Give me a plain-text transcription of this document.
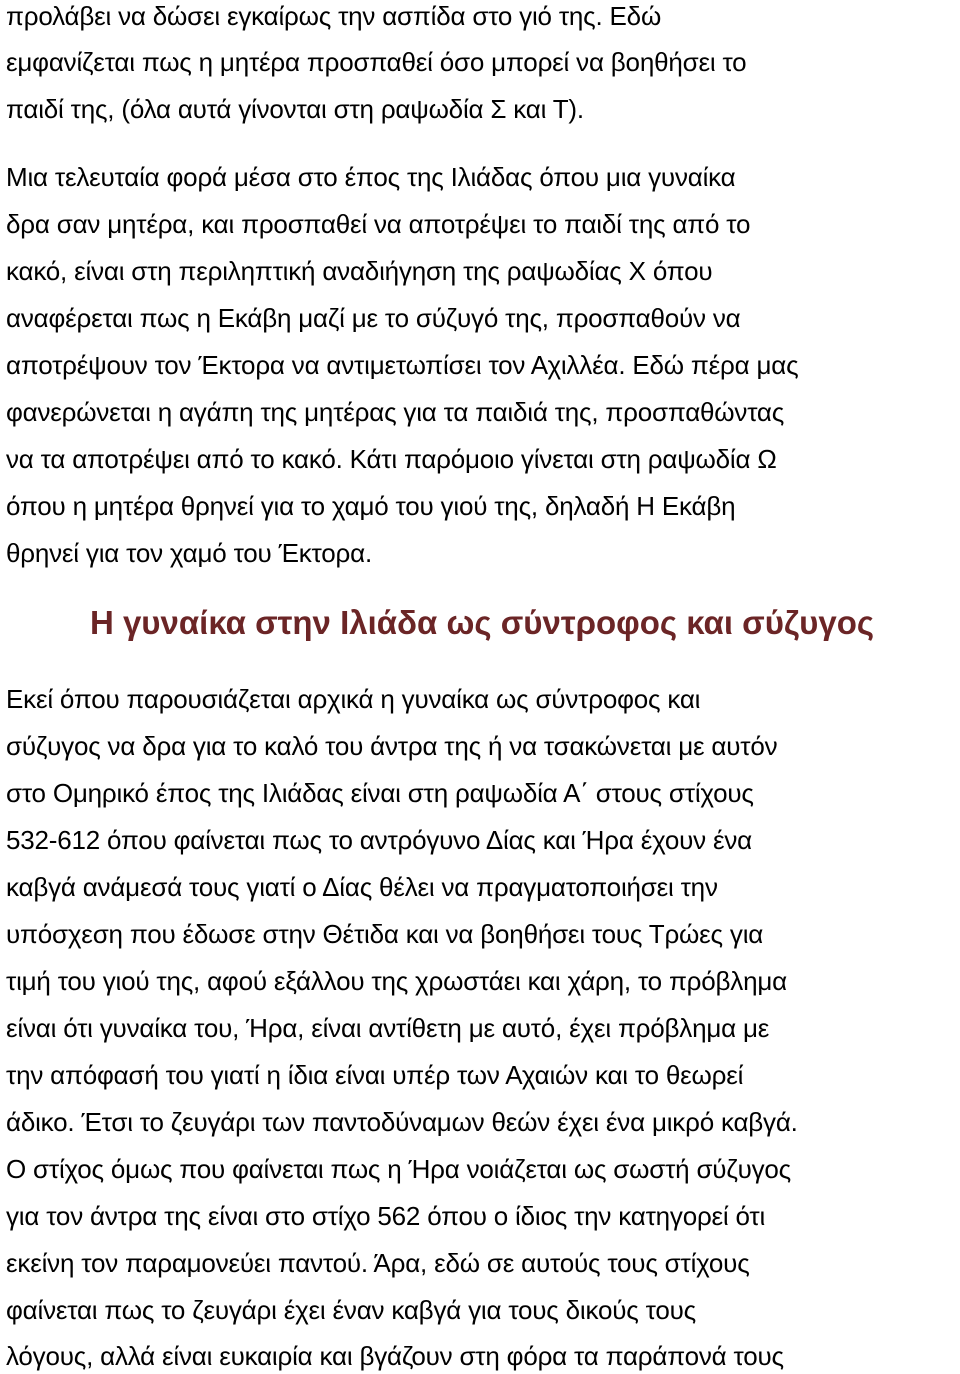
προλάβει να δώσει εγκαίρως την ασπίδα στο γιό της. Εδώ
εμφανίζεται πως η μητέρα προσπαθεί όσο μπορεί να βοηθήσει το
παιδί της, (όλα αυτά γίνονται στη ραψωδία Σ και Τ).
Μια τελευταία φορά μέσα στο έπος της Ιλιάδας όπου μια γυναίκα
δρα σαν μητέρα, και προσπαθεί να αποτρέψει το παιδί της από το
κακό, είναι στη περιληπτική αναδιήγηση της ραψωδίας Χ όπου
αναφέρεται πως η Εκάβη μαζί με το σύζυγό της, προσπαθούν να
αποτρέψουν τον Έκτορα να αντιμετωπίσει τον Αχιλλέα. Εδώ πέρα μας
φανερώνεται η αγάπη της μητέρας για τα παιδιά της, προσπαθώντας
να τα αποτρέψει από το κακό. Κάτι παρόμοιο γίνεται στη ραψωδία Ω
όπου η μητέρα θρηνεί για το χαμό του γιού της, δηλαδή Η Εκάβη
θρηνεί για τον χαμό του Έκτορα.
Η γυναίκα στην Ιλιάδα ως σύντροφος και σύζυγος
Εκεί όπου παρουσιάζεται αρχικά η γυναίκα ως σύντροφος και
σύζυγος να δρα για το καλό του άντρα της ή να τσακώνεται με αυτόν
στο Ομηρικό έπος της Ιλιάδας είναι στη ραψωδία Α΄ στους στίχους
532-612 όπου φαίνεται πως το αντρόγυνο Δίας και Ήρα έχουν ένα
καβγά ανάμεσά τους γιατί ο Δίας θέλει να πραγματοποιήσει την
υπόσχεση που έδωσε στην Θέτιδα και να βοηθήσει τους Τρώες για
τιμή του γιού της, αφού εξάλλου της χρωστάει και χάρη, το πρόβλημα
είναι ότι γυναίκα του, Ήρα, είναι αντίθετη με αυτό, έχει πρόβλημα με
την απόφασή του γιατί η ίδια είναι υπέρ των Αχαιών και το θεωρεί
άδικο. Έτσι το ζευγάρι των παντοδύναμων θεών έχει ένα μικρό καβγά.
Ο στίχος όμως που φαίνεται πως η Ήρα νοιάζεται ως σωστή σύζυγος
για τον άντρα της είναι στο στίχο 562 όπου ο ίδιος την κατηγορεί ότι
εκείνη τον παραμονεύει παντού. Άρα, εδώ σε αυτούς τους στίχους
φαίνεται πως το ζευγάρι έχει έναν καβγά για τους δικούς τους
λόγους, αλλά είναι ευκαιρία και βγάζουν στη φόρα τα παράπονά τους
